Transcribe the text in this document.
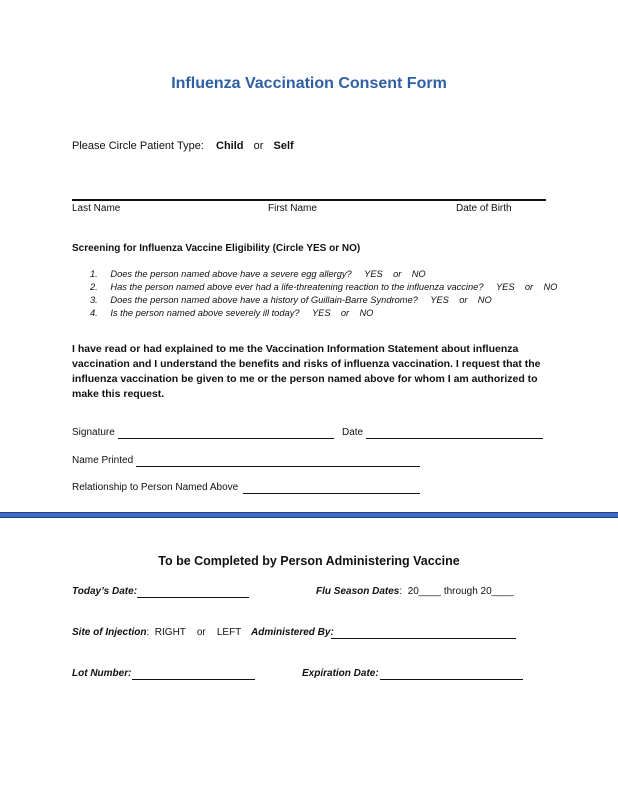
Influenza Vaccination Consent Form
Please Circle Patient Type: Child or Self
Last Name	First Name	Date of Birth
Screening for Influenza Vaccine Eligibility (Circle YES or NO)
1. Does the person named above have a severe egg allergy? YES    or    NO
2. Has the person named above ever had a life-threatening reaction to the influenza vaccine? YES    or    NO
3. Does the person named above have a history of Guillain-Barre Syndrome? YES    or    NO
4. Is the person named above severely ill today? YES    or    NO
I have read or had explained to me the Vaccination Information Statement about influenza vaccination and I understand the benefits and risks of influenza vaccination. I request that the influenza vaccination be given to me or the person named above for whom I am authorized to make this request.
Signature	Date
Name Printed
Relationship to Person Named Above
To be Completed by Person Administering Vaccine
Today’s Date:	Flu Season Dates:  20____ through 20____
Site of Injection:  RIGHT    or    LEFT Administered By:
Lot Number:	Expiration Date:
